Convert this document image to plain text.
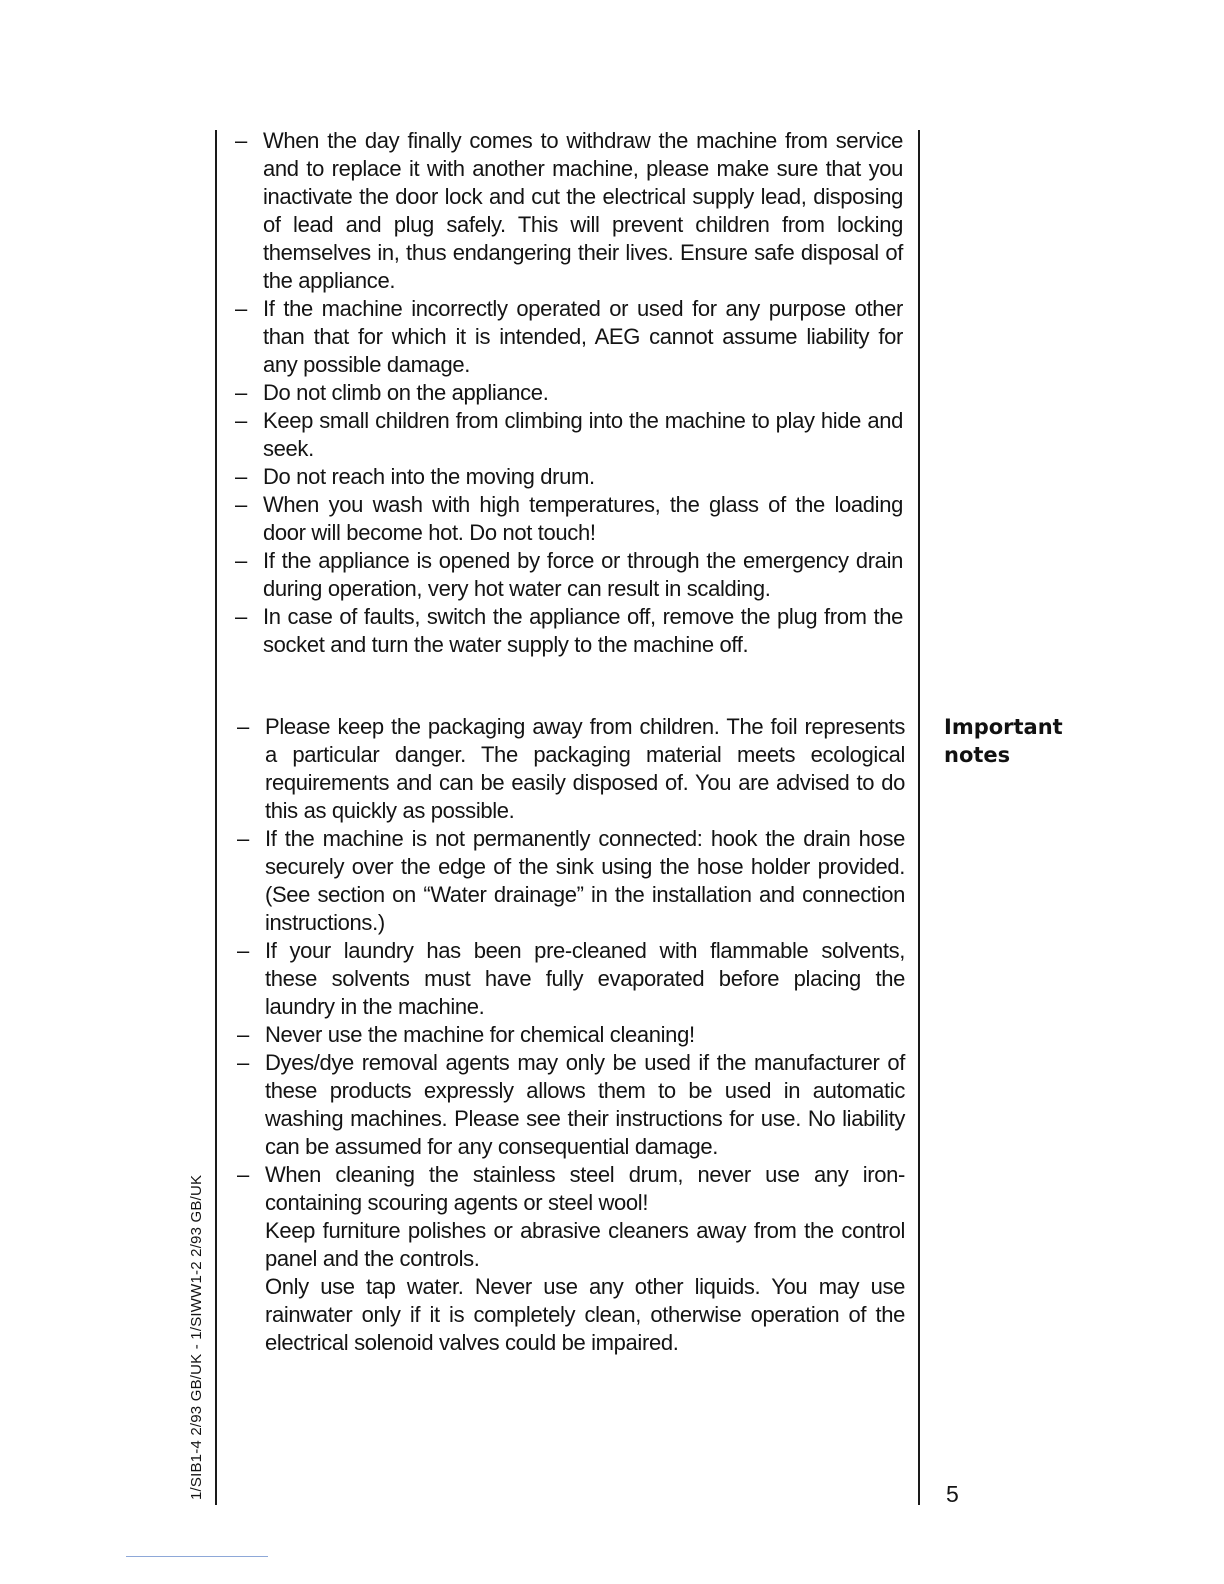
– When the day finally comes to withdraw the machine from service and to replace it with another machine, please make sure that you inactivate the door lock and cut the electrical supply lead, disposing of lead and plug safely. This will prevent children from locking themselves in, thus endangering their lives. Ensure safe disposal of the appliance.
– If the machine incorrectly operated or used for any purpose other than that for which it is intended, AEG cannot assume liability for any possible damage.
– Do not climb on the appliance.
– Keep small children from climbing into the machine to play hide and seek.
– Do not reach into the moving drum.
– When you wash with high temperatures, the glass of the loading door will become hot. Do not touch!
– If the appliance is opened by force or through the emergency drain during operation, very hot water can result in scalding.
– In case of faults, switch the appliance off, remove the plug from the socket and turn the water supply to the machine off.
– Please keep the packaging away from children. The foil represents a particular danger. The packaging material meets ecological requirements and can be easily disposed of. You are advised to do this as quickly as possible.
– If the machine is not permanently connected: hook the drain hose securely over the edge of the sink using the hose holder provided. (See section on “Water drainage” in the installation and connection instructions.)
– If your laundry has been pre-cleaned with flammable solvents, these solvents must have fully evaporated before placing the laundry in the machine.
– Never use the machine for chemical cleaning!
– Dyes/dye removal agents may only be used if the manufacturer of these products expressly allows them to be used in automatic washing machines. Please see their instructions for use. No liability can be assumed for any consequential damage.
– When cleaning the stainless steel drum, never use any iron-containing scouring agents or steel wool!
Keep furniture polishes or abrasive cleaners away from the control panel and the controls.
Only use tap water. Never use any other liquids. You may use rainwater only if it is completely clean, otherwise operation of the electrical solenoid valves could be impaired.
Important
notes
5
1/SIB1-4 2/93 GB/UK - 1/SIWW1-2 2/93 GB/UK
